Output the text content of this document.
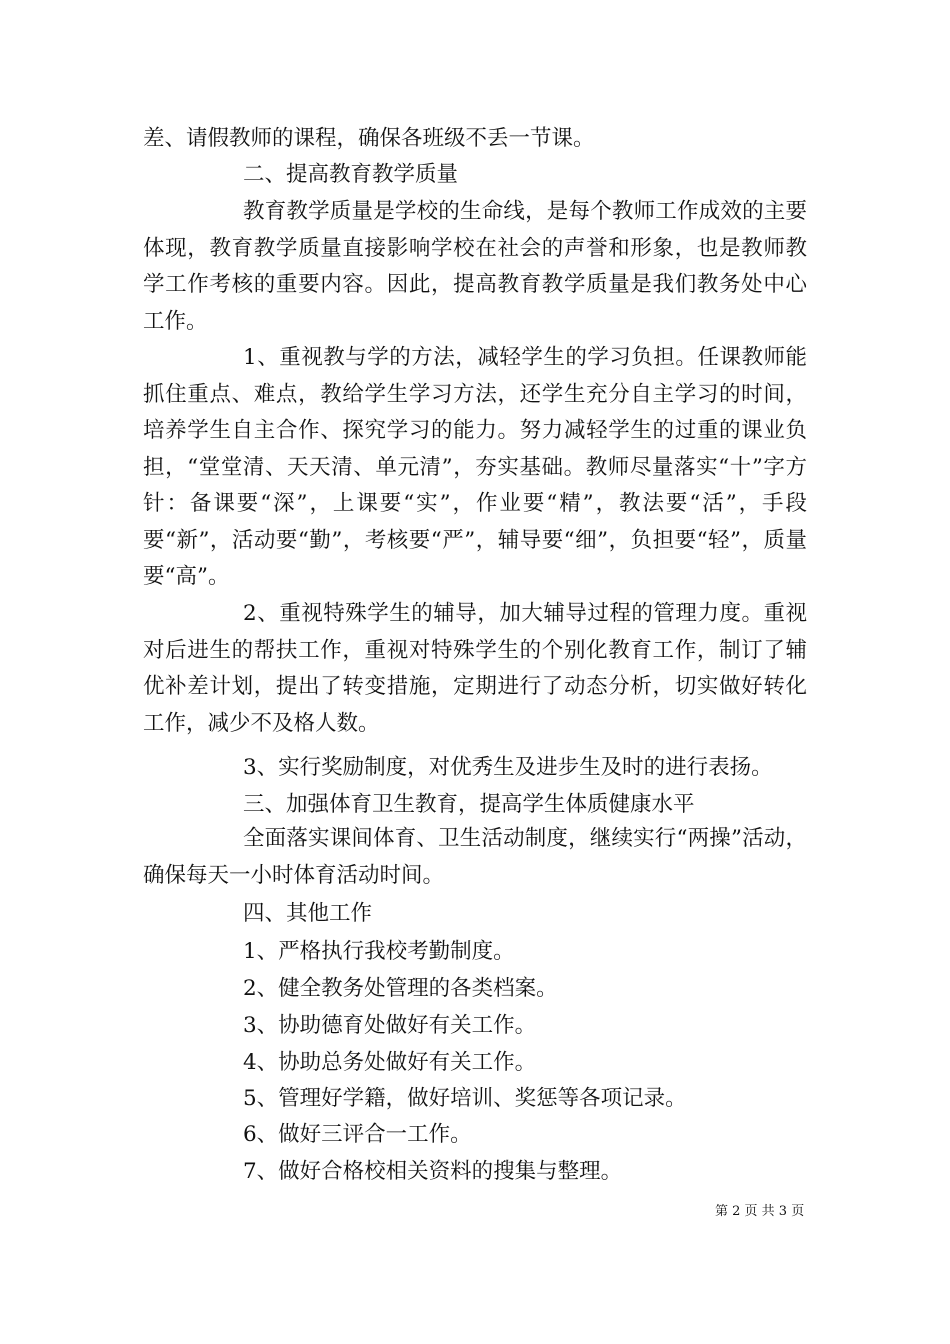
差、请假教师的课程，确保各班级不丢一节课。
二、提高教育教学质量
教育教学质量是学校的生命线，是每个教师工作成效的主要体现，教育教学质量直接影响学校在社会的声誉和形象，也是教师教学工作考核的重要内容。因此，提高教育教学质量是我们教务处中心工作。
1、重视教与学的方法，减轻学生的学习负担。任课教师能抓住重点、难点，教给学生学习方法，还学生充分自主学习的时间，培养学生自主合作、探究学习的能力。努力减轻学生的过重的课业负担，“堂堂清、天天清、单元清”，夯实基础。教师尽量落实“十”字方针：备课要“深”，上课要“实”，作业要“精”，教法要“活”，手段要“新”，活动要“勤”，考核要“严”，辅导要“细”，负担要“轻”，质量要“高”。
2、重视特殊学生的辅导，加大辅导过程的管理力度。重视对后进生的帮扶工作，重视对特殊学生的个别化教育工作，制订了辅优补差计划，提出了转变措施，定期进行了动态分析，切实做好转化工作，减少不及格人数。
3、实行奖励制度，对优秀生及进步生及时的进行表扬。
三、加强体育卫生教育，提高学生体质健康水平
全面落实课间体育、卫生活动制度，继续实行“两操”活动，确保每天一小时体育活动时间。
四、其他工作
1、严格执行我校考勤制度。
2、健全教务处管理的各类档案。
3、协助德育处做好有关工作。
4、协助总务处做好有关工作。
5、管理好学籍，做好培训、奖惩等各项记录。
6、做好三评合一工作。
7、做好合格校相关资料的搜集与整理。
第 2 页 共 3 页
